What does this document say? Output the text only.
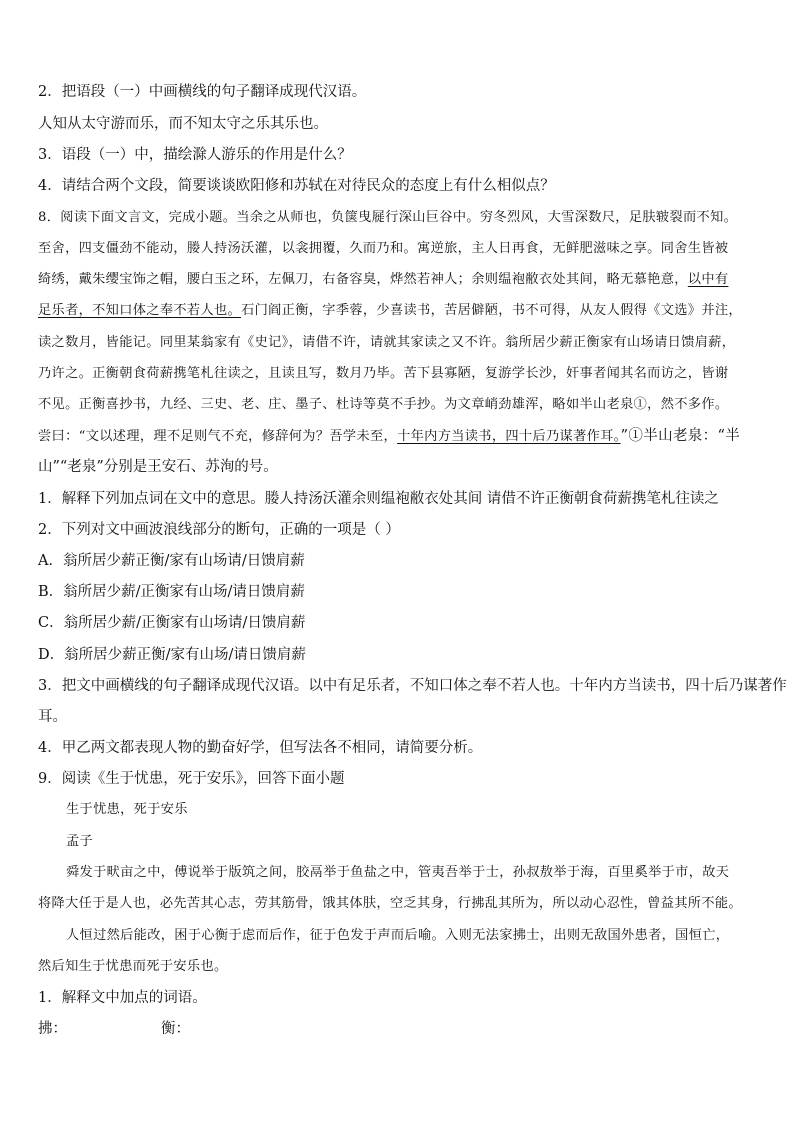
2．把语段（一）中画横线的句子翻译成现代汉语。
人知从太守游而乐，而不知太守之乐其乐也。
3．语段（一）中，描绘滁人游乐的作用是什么？
4．请结合两个文段，简要谈谈欧阳修和苏轼在对待民众的态度上有什么相似点？
8．阅读下面文言文，完成小题。当余之从师也，负箧曳屣行深山巨谷中。穷冬烈风，大雪深数尺，足肤皲裂而不知。
至舍，四支僵劲不能动，媵人持汤沃灌，以衾拥覆，久而乃和。寓逆旅，主人日再食，无鲜肥滋味之享。同舍生皆被
绮绣，戴朱缨宝饰之帽，腰白玉之环，左佩刀，右备容臭，烨然若神人；余则缊袍敝衣处其间，略无慕艳意，以中有
足乐者，不知口体之奉不若人也。石门阎正衡，字季蓉，少喜读书，苦居僻陋，书不可得，从友人假得《文选》并注，
读之数月，皆能记。同里某翁家有《史记》，请借不许，请就其家读之又不许。翁所居少薪正衡家有山场请日馈肩薪，
乃许之。正衡朝食荷薪携笔札往读之，且读且写，数月乃毕。苦下县寡陋，复游学长沙，奸事者闻其名而访之，皆谢
不见。正衡喜抄书，九经、三史、老、庄、墨子、杜诗等莫不手抄。为文章峭劲雄浑，略如半山老泉①，然不多作。
尝曰：“文以述理，理不足则气不充，修辞何为？吾学未至，十年内方当读书，四十后乃谋著作耳。”①半山老泉：“半
山”“老泉”分别是王安石、苏洵的号。
1．解释下列加点词在文中的意思。媵人持汤沃灌余则缊袍敝衣处其间 请借不许正衡朝食荷薪携笔札往读之
2．下列对文中画波浪线部分的断句，正确的一项是（ ）
A．翁所居少薪正衡/家有山场请/日馈肩薪
B．翁所居少薪/正衡家有山场/请日馈肩薪
C．翁所居少薪/正衡家有山场请/日馈肩薪
D．翁所居少薪正衡/家有山场/请日馈肩薪
3．把文中画横线的句子翻译成现代汉语。以中有足乐者，不知口体之奉不若人也。十年内方当读书，四十后乃谋著作
耳。
4．甲乙两文都表现人物的勤奋好学，但写法各不相同，请简要分析。
9．阅读《生于忧患，死于安乐》，回答下面小题
生于忧患，死于安乐
孟子
舜发于畎亩之中，傅说举于版筑之间，胶鬲举于鱼盐之中，管夷吾举于士，孙叔敖举于海，百里奚举于市，故天
将降大任于是人也，必先苦其心志，劳其筋骨，饿其体肤，空乏其身，行拂乱其所为，所以动心忍性，曾益其所不能。
人恒过然后能改，困于心衡于虑而后作，征于色发于声而后喻。入则无法家拂士，出则无敌国外患者，国恒亡，
然后知生于忧患而死于安乐也。
1．解释文中加点的词语。
拂：	衡：
